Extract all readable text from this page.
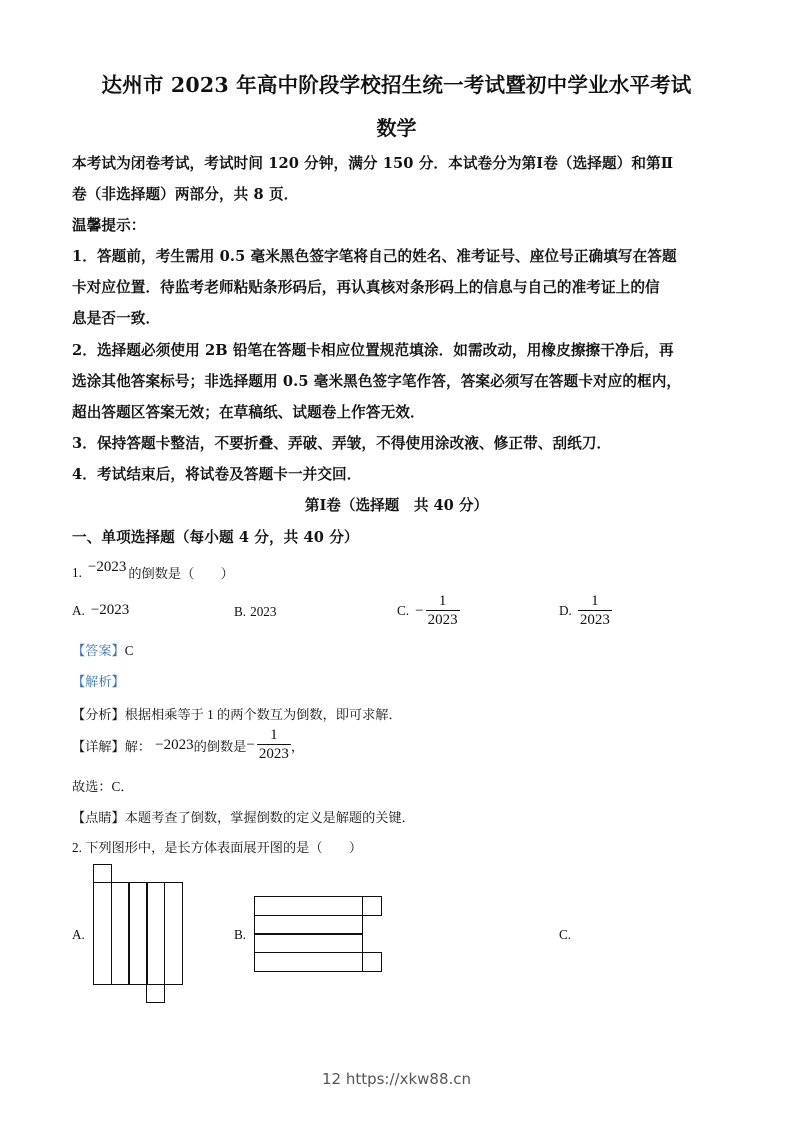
达州市 2023 年高中阶段学校招生统一考试暨初中学业水平考试
数学
本考试为闭卷考试，考试时间 120 分钟，满分 150 分．本试卷分为第Ⅰ卷（选择题）和第Ⅱ
卷（非选择题）两部分，共 8 页．
温馨提示：
1．答题前，考生需用 0.5 毫米黑色签字笔将自己的姓名、准考证号、座位号正确填写在答题
卡对应位置．待监考老师粘贴条形码后，再认真核对条形码上的信息与自己的准考证上的信
息是否一致．
2．选择题必须使用 2B 铅笔在答题卡相应位置规范填涂．如需改动，用橡皮擦擦干净后，再
选涂其他答案标号；非选择题用 0.5 毫米黑色签字笔作答，答案必须写在答题卡对应的框内，
超出答题区答案无效；在草稿纸、试题卷上作答无效．
3．保持答题卡整洁，不要折叠、弄破、弄皱，不得使用涂改液、修正带、刮纸刀．
4．考试结束后，将试卷及答题卡一并交回．
第Ⅰ卷（选择题　共 40 分）
一、单项选择题（每小题 4 分，共 40 分）
1. −2023 的倒数是（　　）
A. −2023	B. 2023	C. − $\frac{1}{2023}$	D. $\frac{1}{2023}$
【答案】C
【解析】
【分析】根据相乘等于 1 的两个数互为倒数，即可求解．
【详解】 解： −2023 的倒数是 − $\frac{1}{2023}$ ，
故选：C．
【点睛】本题考查了倒数，掌握倒数的定义是解题的关键．
2. 下列图形中，是长方体表面展开图的是（　　）
A.	B.	C.
12 https://xkw88.cn
